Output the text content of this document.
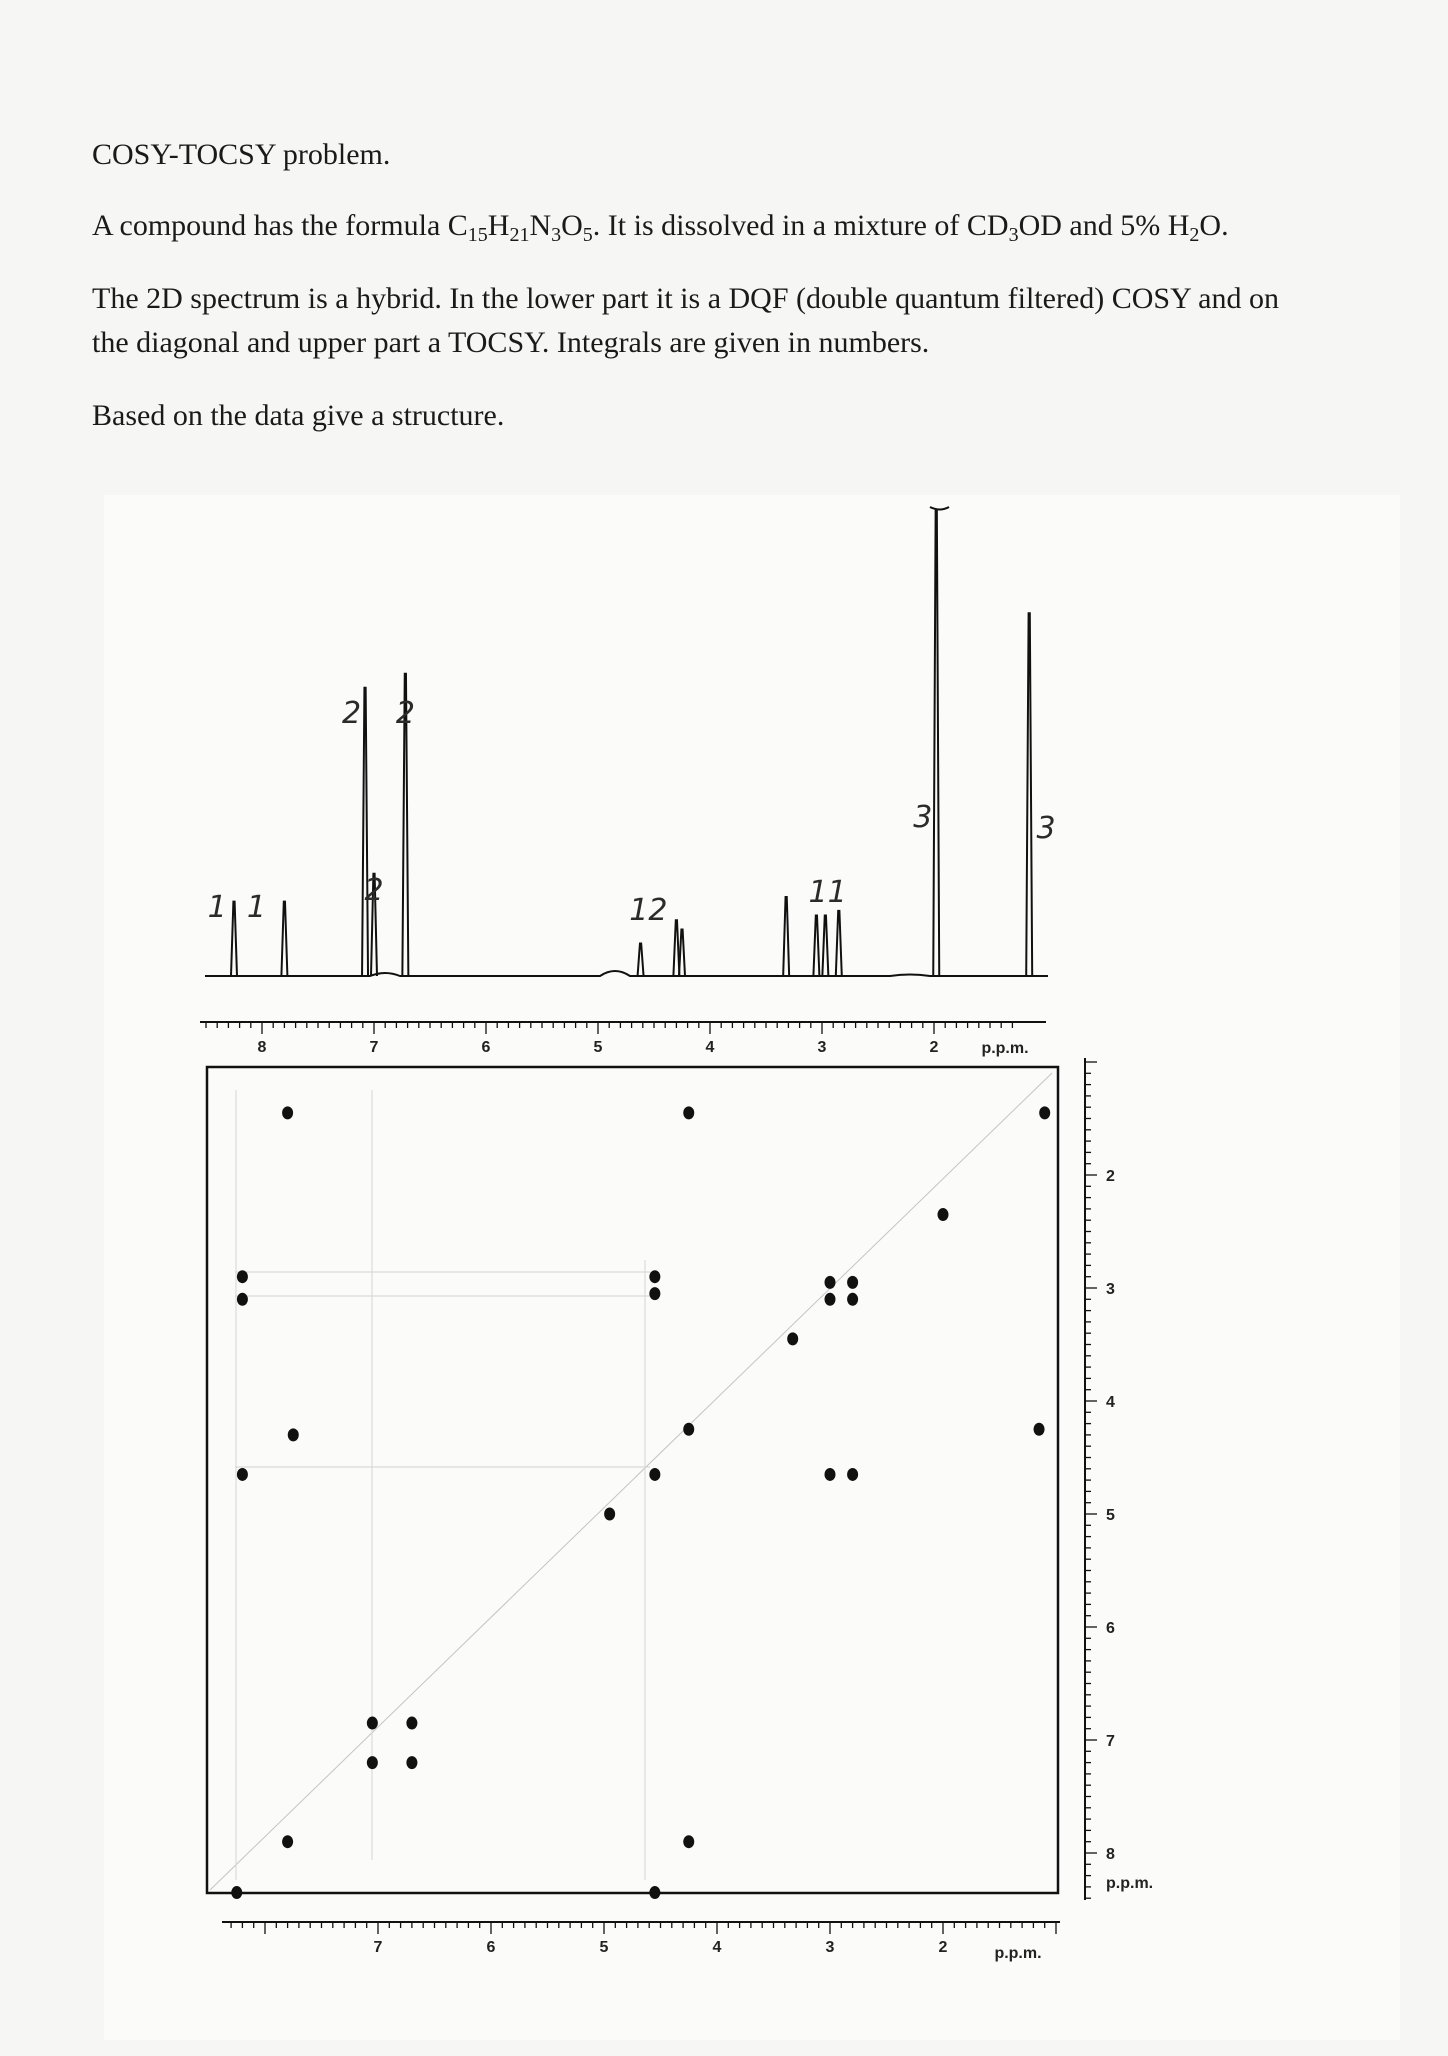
COSY-TOCSY problem.
A compound has the formula $C_{15}H_{21}N_3O_5$. It is dissolved in a mixture of $CD_3OD$ and 5% $H_2O$.
The 2D spectrum is a hybrid. In the lower part it is a DQF (double quantum filtered) COSY and on
the diagonal and upper part a TOCSY. Integrals are given in numbers.
Based on the data give a structure.
1 1
2 2
2
12
11
3	3
8	7	6	5	4	3	2	p.p.m.
2
3
4
5
6
7
8
p.p.m.
7	6	5	4	3	2	p.p.m.
